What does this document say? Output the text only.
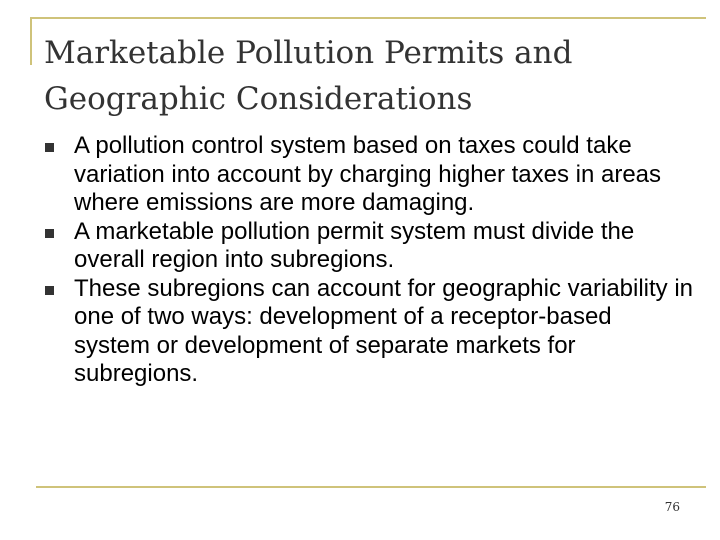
Marketable Pollution Permits and
Geographic Considerations
A pollution control system based on taxes could take variation into account by charging higher taxes in areas where emissions are more damaging.
A marketable pollution permit system must divide the overall region into subregions.
These subregions can account for geographic variability in one of two ways: development of a receptor-based system or development of separate markets for subregions.
76
